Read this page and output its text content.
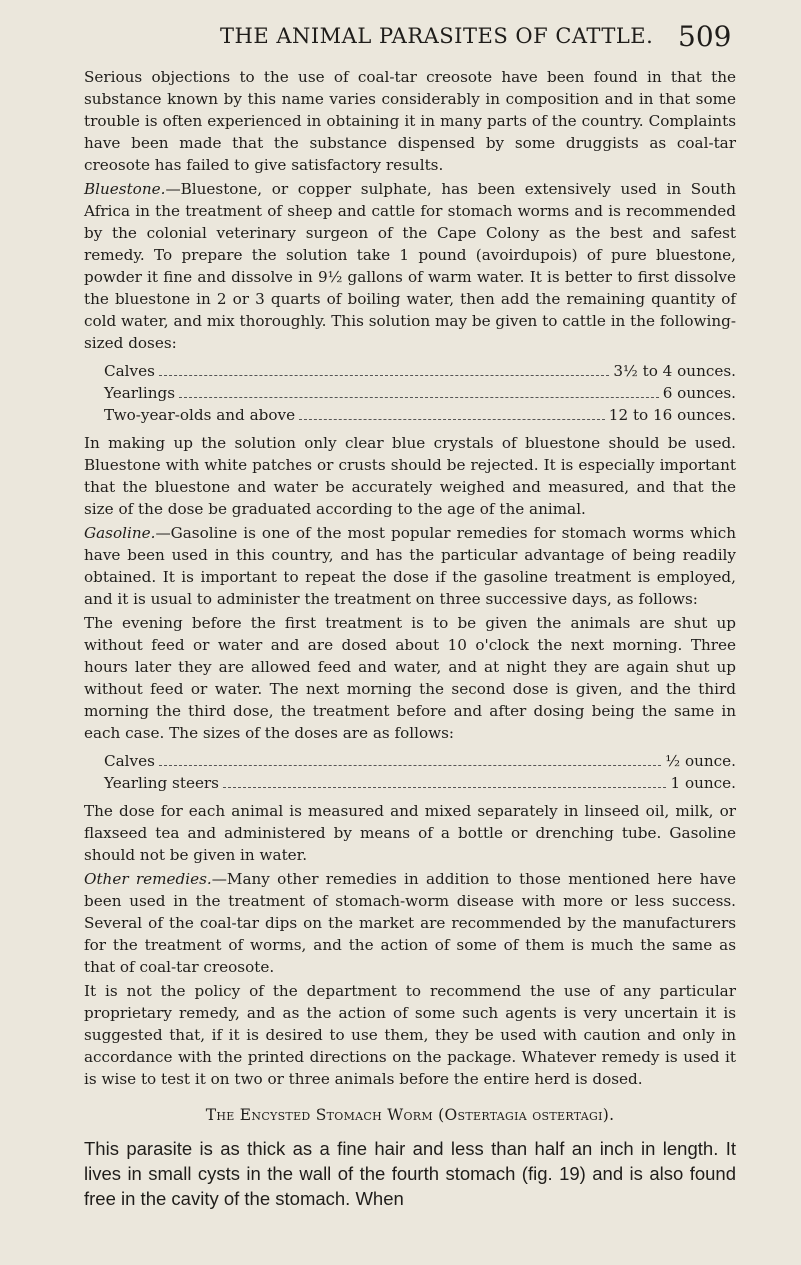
THE ANIMAL PARASITES OF CATTLE. 509

Serious objections to the use of coal-tar creosote have been found in that the substance known by this name varies considerably in composition and in that some trouble is often experienced in obtaining it in many parts of the country. Complaints have been made that the substance dispensed by some druggists as coal-tar creosote has failed to give satisfactory results.

Bluestone.—Bluestone, or copper sulphate, has been extensively used in South Africa in the treatment of sheep and cattle for stomach worms and is recommended by the colonial veterinary surgeon of the Cape Colony as the best and safest remedy. To prepare the solution take 1 pound (avoirdupois) of pure bluestone, powder it fine and dissolve in 9½ gallons of warm water. It is better to first dissolve the bluestone in 2 or 3 quarts of boiling water, then add the remaining quantity of cold water, and mix thoroughly. This solution may be given to cattle in the following-sized doses:

Calves	3½ to 4 ounces.
Yearlings	6 ounces.
Two-year-olds and above	12 to 16 ounces.

In making up the solution only clear blue crystals of bluestone should be used. Bluestone with white patches or crusts should be rejected. It is especially important that the bluestone and water be accurately weighed and measured, and that the size of the dose be graduated according to the age of the animal.

Gasoline.—Gasoline is one of the most popular remedies for stomach worms which have been used in this country, and has the particular advantage of being readily obtained. It is important to repeat the dose if the gasoline treatment is employed, and it is usual to administer the treatment on three successive days, as follows:

The evening before the first treatment is to be given the animals are shut up without feed or water and are dosed about 10 o'clock the next morning. Three hours later they are allowed feed and water, and at night they are again shut up without feed or water. The next morning the second dose is given, and the third morning the third dose, the treatment before and after dosing being the same in each case. The sizes of the doses are as follows:

Calves	½ ounce.
Yearling steers	1 ounce.

The dose for each animal is measured and mixed separately in linseed oil, milk, or flaxseed tea and administered by means of a bottle or drenching tube. Gasoline should not be given in water.

Other remedies.—Many other remedies in addition to those mentioned here have been used in the treatment of stomach-worm disease with more or less success. Several of the coal-tar dips on the market are recommended by the manufacturers for the treatment of worms, and the action of some of them is much the same as that of coal-tar creosote.

It is not the policy of the department to recommend the use of any particular proprietary remedy, and as the action of some such agents is very uncertain it is suggested that, if it is desired to use them, they be used with caution and only in accordance with the printed directions on the package. Whatever remedy is used it is wise to test it on two or three animals before the entire herd is dosed.

The Encysted Stomach Worm (Ostertagia ostertagi).

This parasite is as thick as a fine hair and less than half an inch in length. It lives in small cysts in the wall of the fourth stomach (fig. 19) and is also found free in the cavity of the stomach. When
